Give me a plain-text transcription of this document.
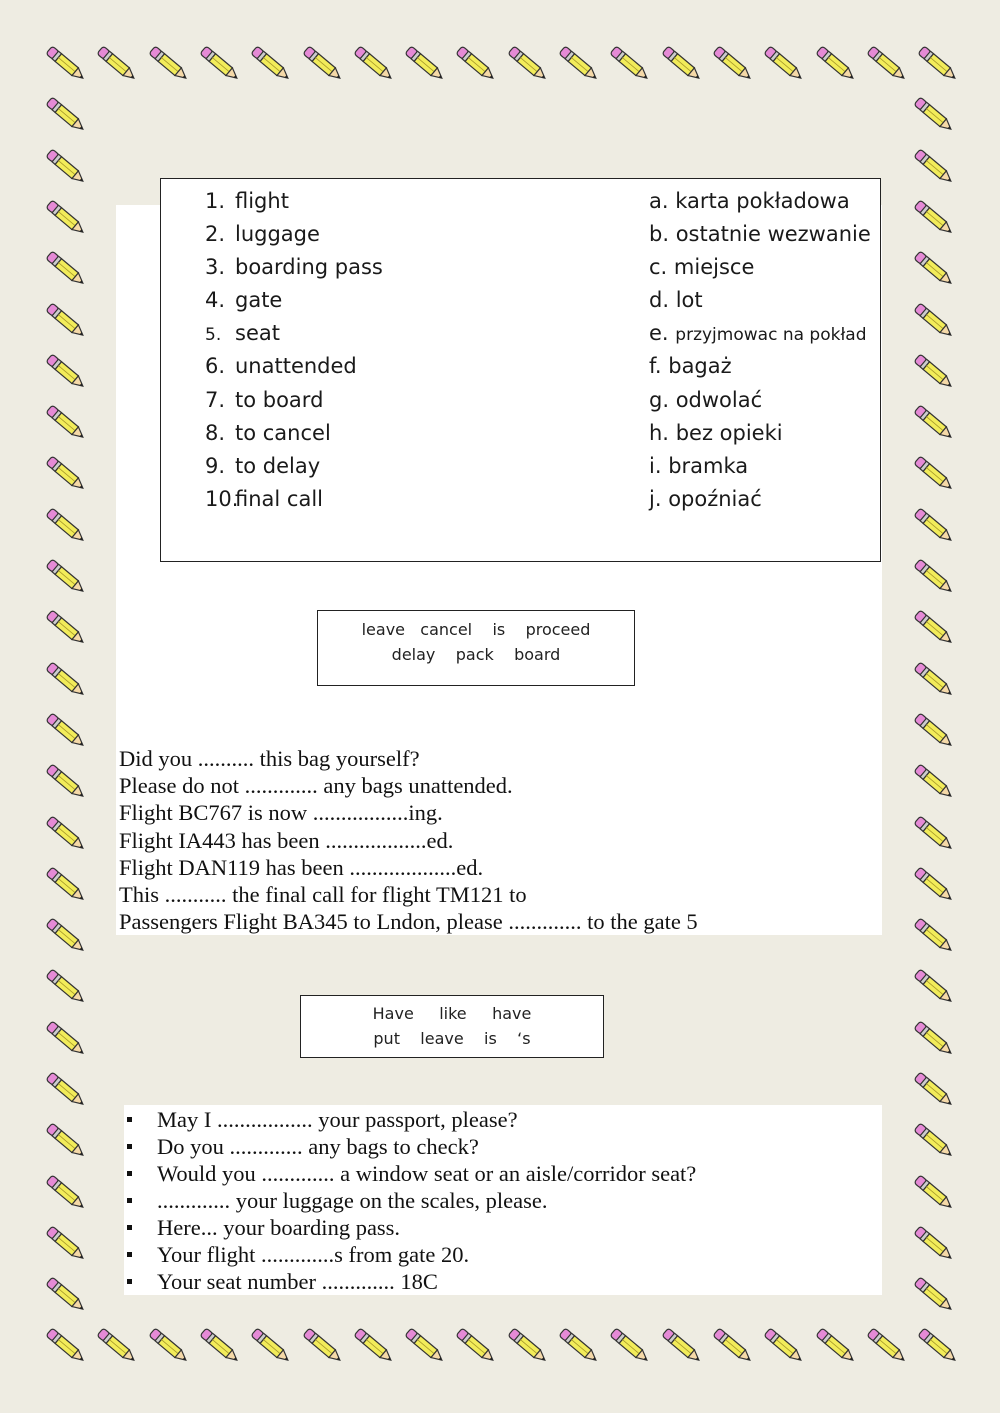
1. flight
2. luggage
3. boarding pass
4. gate
5. seat
6. unattended
7. to board
8. to cancel
9. to delay
10.final call
a. karta pokładowa
b. ostatnie wezwanie
c. miejsce
d. lot
e. przyjmowac na pokład
f. bagaż
g. odwolać
h. bez opieki
i. bramka
j. opoźniać
leave   cancel    is    proceed
delay    pack    board
Did you .......... this bag yourself?
Please do not ............. any bags unattended.
Flight BC767 is now .................ing.
Flight IA443 has been ..................ed.
Flight DAN119 has been ...................ed.
This ........... the final call for flight TM121 to
Passengers Flight BA345 to Lndon, please ............. to the gate 5
Have     like     have
put    leave    is    ‘s
May I ................. your passport, please?
Do you ............. any bags to check?
Would you ............. a window seat or an aisle/corridor seat?
............. your luggage on the scales, please.
Here... your boarding pass.
Your flight .............s from gate 20.
Your seat number ............. 18C
